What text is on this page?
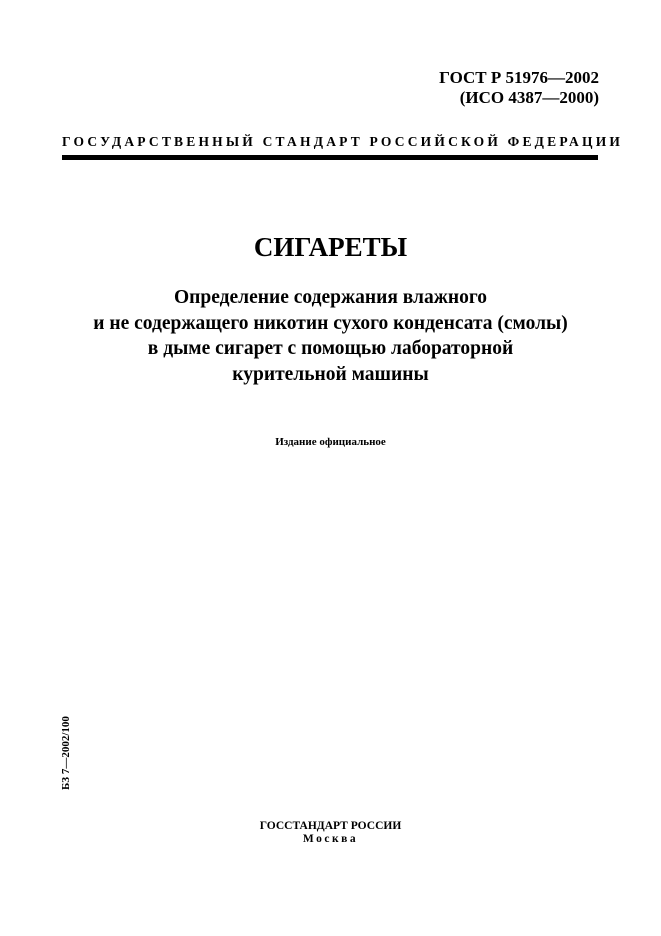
ГОСТ Р 51976—2002
(ИСО 4387—2000)
ГОСУДАРСТВЕННЫЙ СТАНДАРТ РОССИЙСКОЙ ФЕДЕРАЦИИ
СИГАРЕТЫ
Определение содержания влажного
и не содержащего никотин сухого конденсата (смолы)
в дыме сигарет с помощью лабораторной
курительной машины
Издание официальное
БЗ 7—2002/100
ГОССТАНДАРТ РОССИИ
Москва
